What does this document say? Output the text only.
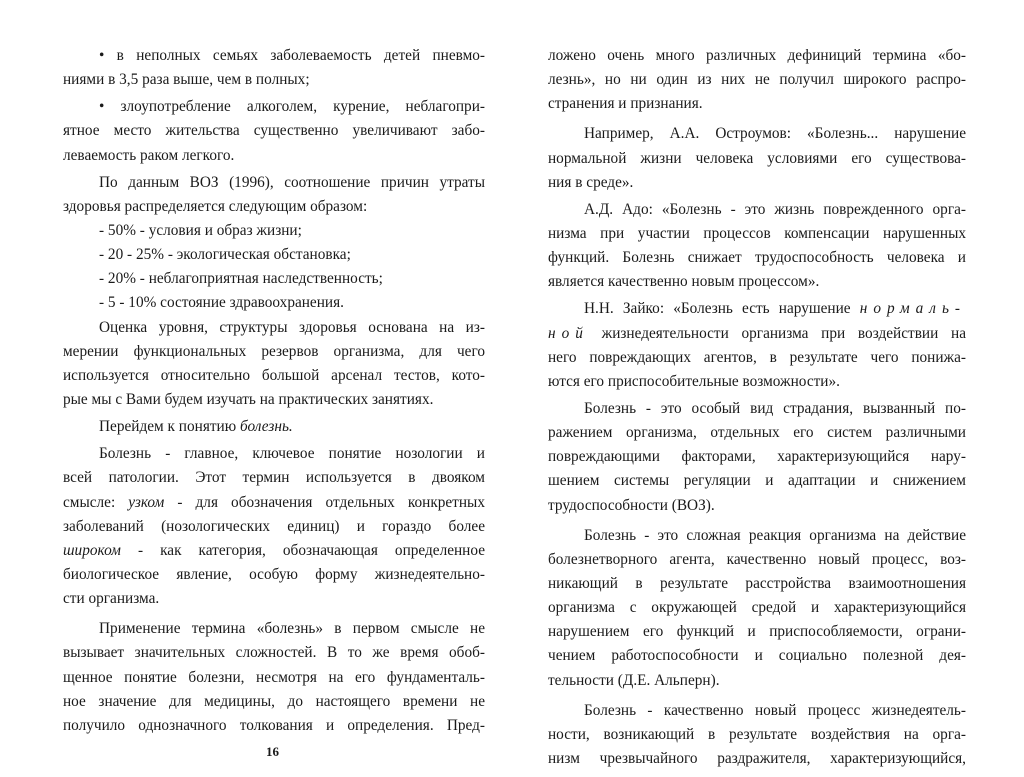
• в неполных семьях заболеваемость детей пневмо-
ниями в 3,5 раза выше, чем в полных;
• злоупотребление алкоголем, курение, неблагопри-
ятное место жительства существенно увеличивают забо-
леваемость раком легкого.
По данным ВОЗ (1996), соотношение причин утраты
здоровья распределяется следующим образом:
- 50% - условия и образ жизни;
- 20 - 25% - экологическая обстановка;
- 20% - неблагоприятная наследственность;
- 5 - 10% состояние здравоохранения.
Оценка уровня, структуры здоровья основана на из-
мерении функциональных резервов организма, для чего
используется относительно большой арсенал тестов, кото-
рые мы с Вами будем изучать на практических занятиях.
Перейдем к понятию болезнь.
Болезнь - главное, ключевое понятие нозологии и
всей патологии. Этот термин используется в двояком
смысле: узком - для обозначения отдельных конкретных
заболеваний (нозологических единиц) и гораздо более
широком - как категория, обозначающая определенное
биологическое явление, особую форму жизнедеятельно-
сти организма.
Применение термина «болезнь» в первом смысле не
вызывает значительных сложностей. В то же время обоб-
щенное понятие болезни, несмотря на его фундаменталь-
ное значение для медицины, до настоящего времени не
получило однозначного толкования и определения. Пред-
16
ложено очень много различных дефиниций термина «бо-
лезнь», но ни один из них не получил широкого распро-
странения и признания.
Например, А.А. Остроумов: «Болезнь... нарушение
нормальной жизни человека условиями его существова-
ния в среде».
А.Д. Адо: «Болезнь - это жизнь поврежденного орга-
низма при участии процессов компенсации нарушенных
функций. Болезнь снижает трудоспособность человека и
является качественно новым процессом».
Н.Н. Зайко: «Болезнь есть нарушение нормаль-
ной жизнедеятельности организма при воздействии на
него повреждающих агентов, в результате чего понижа-
ются его приспособительные возможности».
Болезнь - это особый вид страдания, вызванный по-
ражением организма, отдельных его систем различными
повреждающими факторами, характеризующийся нару-
шением системы регуляции и адаптации и снижением
трудоспособности (ВОЗ).
Болезнь - это сложная реакция организма на действие
болезнетворного агента, качественно новый процесс, воз-
никающий в результате расстройства взаимоотношения
организма с окружающей средой и характеризующийся
нарушением его функций и приспособляемости, ограни-
чением работоспособности и социально полезной дея-
тельности (Д.Е. Альперн).
Болезнь - качественно новый процесс жизнедеятель-
ности, возникающий в результате воздействия на орга-
низм чрезвычайного раздражителя, характеризующийся,
